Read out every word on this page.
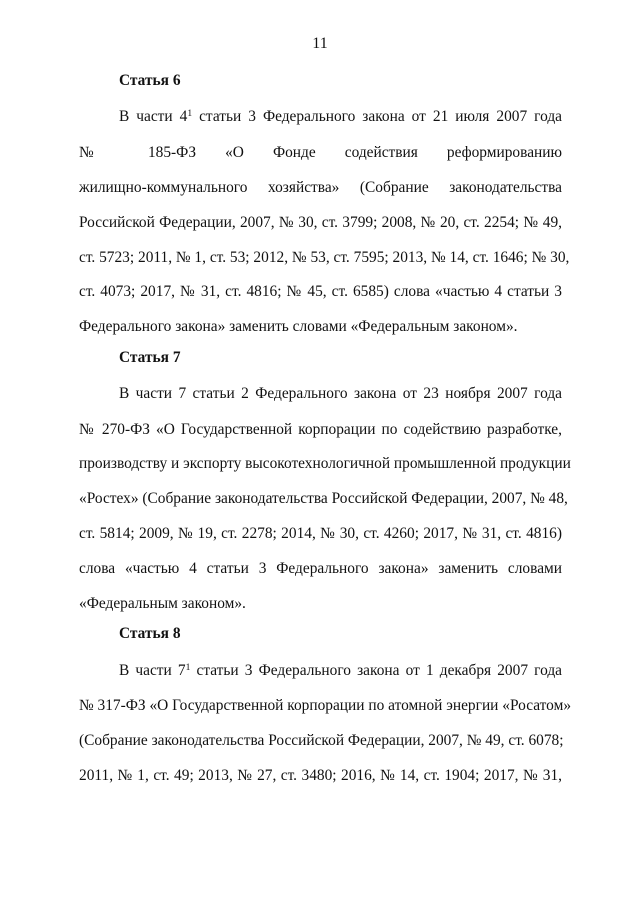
11
Статья 6
В части $4^1$ статьи 3 Федерального закона от 21 июля 2007 года
№ 185-ФЗ «О Фонде содействия реформированию
жилищно-коммунального хозяйства» (Собрание законодательства
Российской Федерации, 2007, № 30, ст. 3799; 2008, № 20, ст. 2254; № 49,
ст. 5723; 2011, № 1, ст. 53; 2012, № 53, ст. 7595; 2013, № 14, ст. 1646; № 30,
ст. 4073; 2017, № 31, ст. 4816; № 45, ст. 6585) слова «частью 4 статьи 3
Федерального закона» заменить словами «Федеральным законом».
Статья 7
В части 7 статьи 2 Федерального закона от 23 ноября 2007 года
№ 270-ФЗ «О Государственной корпорации по содействию разработке,
производству и экспорту высокотехнологичной промышленной продукции
«Ростех» (Собрание законодательства Российской Федерации, 2007, № 48,
ст. 5814; 2009, № 19, ст. 2278; 2014, № 30, ст. 4260; 2017, № 31, ст. 4816)
слова «частью 4 статьи 3 Федерального закона» заменить словами
«Федеральным законом».
Статья 8
В части $7^1$ статьи 3 Федерального закона от 1 декабря 2007 года
№ 317-ФЗ «О Государственной корпорации по атомной энергии «Росатом»
(Собрание законодательства Российской Федерации, 2007, № 49, ст. 6078;
2011, № 1, ст. 49; 2013, № 27, ст. 3480; 2016, № 14, ст. 1904; 2017, № 31,
